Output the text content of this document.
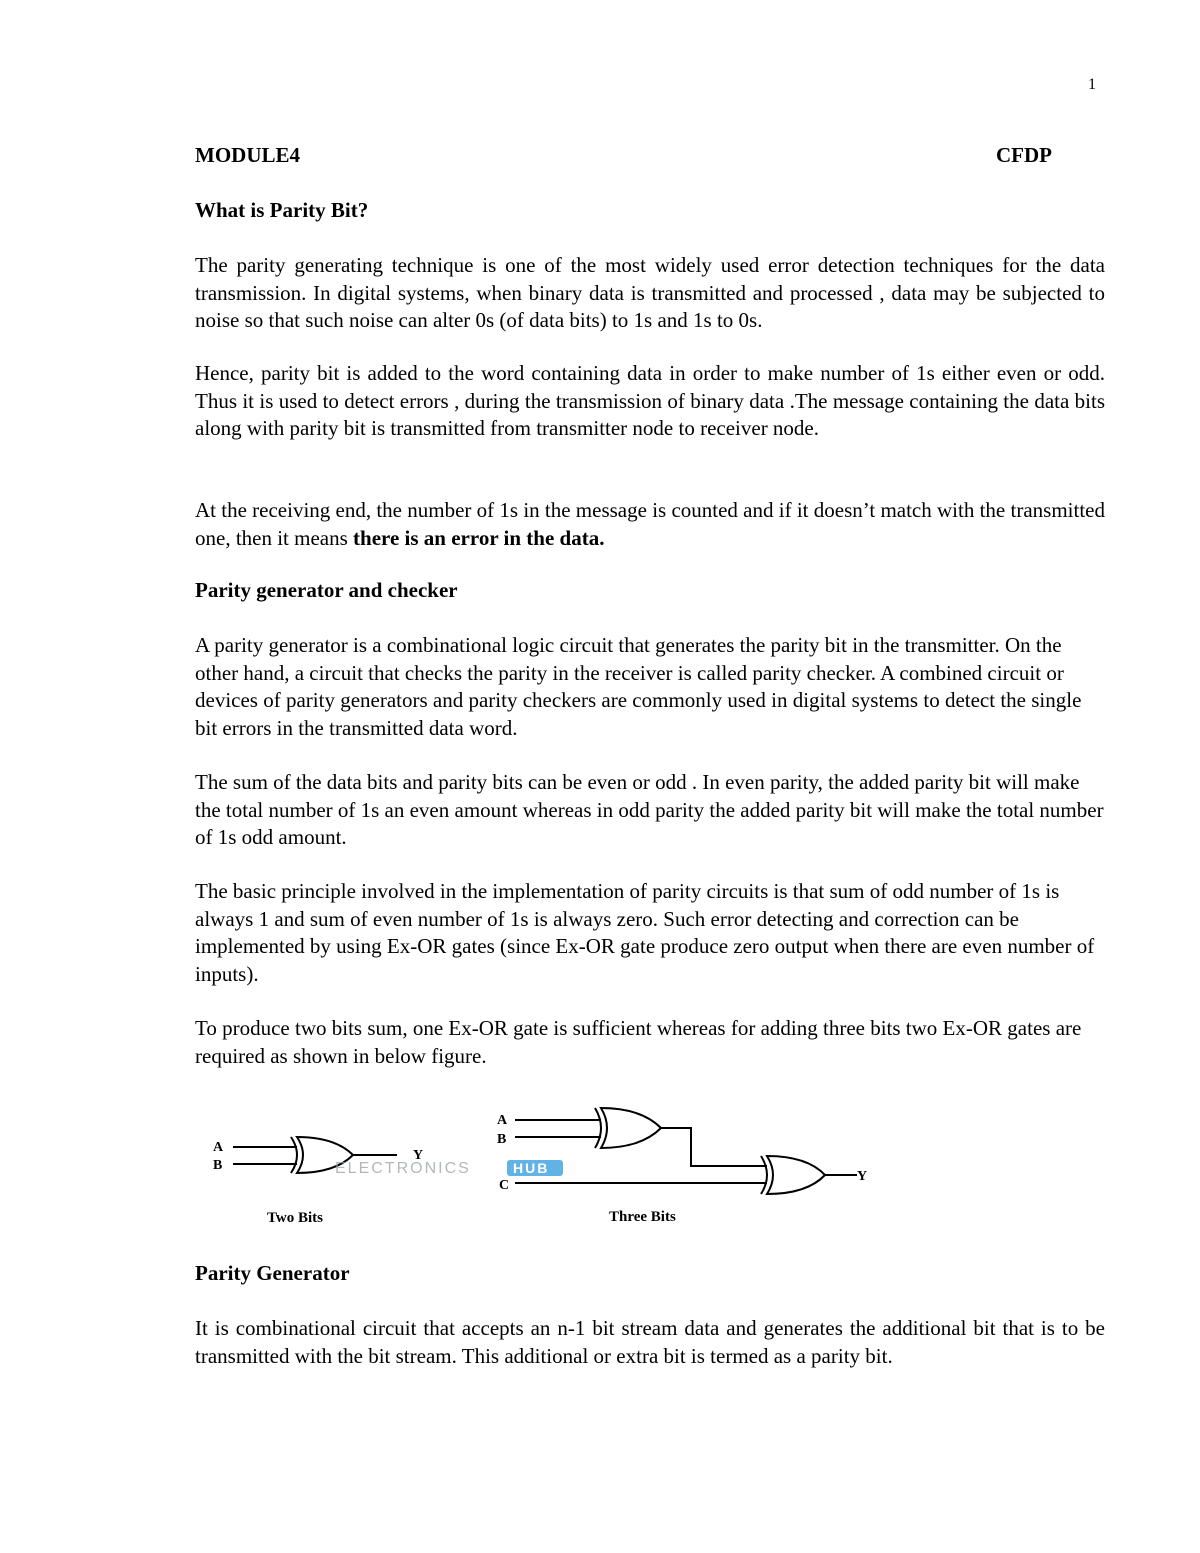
1
MODULE4	CFDP
What is Parity Bit?

The parity generating technique is one of the most widely used error detection techniques for the data transmission. In digital systems, when binary data is transmitted and processed , data may be subjected to noise so that such noise can alter 0s (of data bits) to 1s and 1s to 0s.

Hence, parity bit is added to the word containing data in order to make number of 1s either even or odd. Thus it is used to detect errors , during the transmission of binary data .The message containing the data bits along with parity bit is transmitted from transmitter node to receiver node.

At the receiving end, the number of 1s in the message is counted and if it doesn’t match with the transmitted one, then it means there is an error in the data.

Parity generator and checker

A parity generator is a combinational logic circuit that generates the parity bit in the transmitter. On the other hand, a circuit that checks the parity in the receiver is called parity checker. A combined circuit or devices of parity generators and parity checkers are commonly used in digital systems to detect the single bit errors in the transmitted data word.

The sum of the data bits and parity bits can be even or odd . In even parity, the added parity bit will make the total number of 1s an even amount whereas in odd parity the added parity bit will make the total number of 1s odd amount.

The basic principle involved in the implementation of parity circuits is that sum of odd number of 1s is always 1 and sum of even number of 1s is always zero. Such error detecting and correction can be implemented by using Ex-OR gates (since Ex-OR gate produce zero output when there are even number of inputs).

To produce two bits sum, one Ex-OR gate is sufficient whereas for adding three bits two Ex-OR gates are required as shown in below figure.

A
B
Y
A
B
C
Y
Two Bits	Three Bits
ELECTRONICS	HUB
Parity Generator

It is combinational circuit that accepts an n-1 bit stream data and generates the additional bit that is to be transmitted with the bit stream. This additional or extra bit is termed as a parity bit.
